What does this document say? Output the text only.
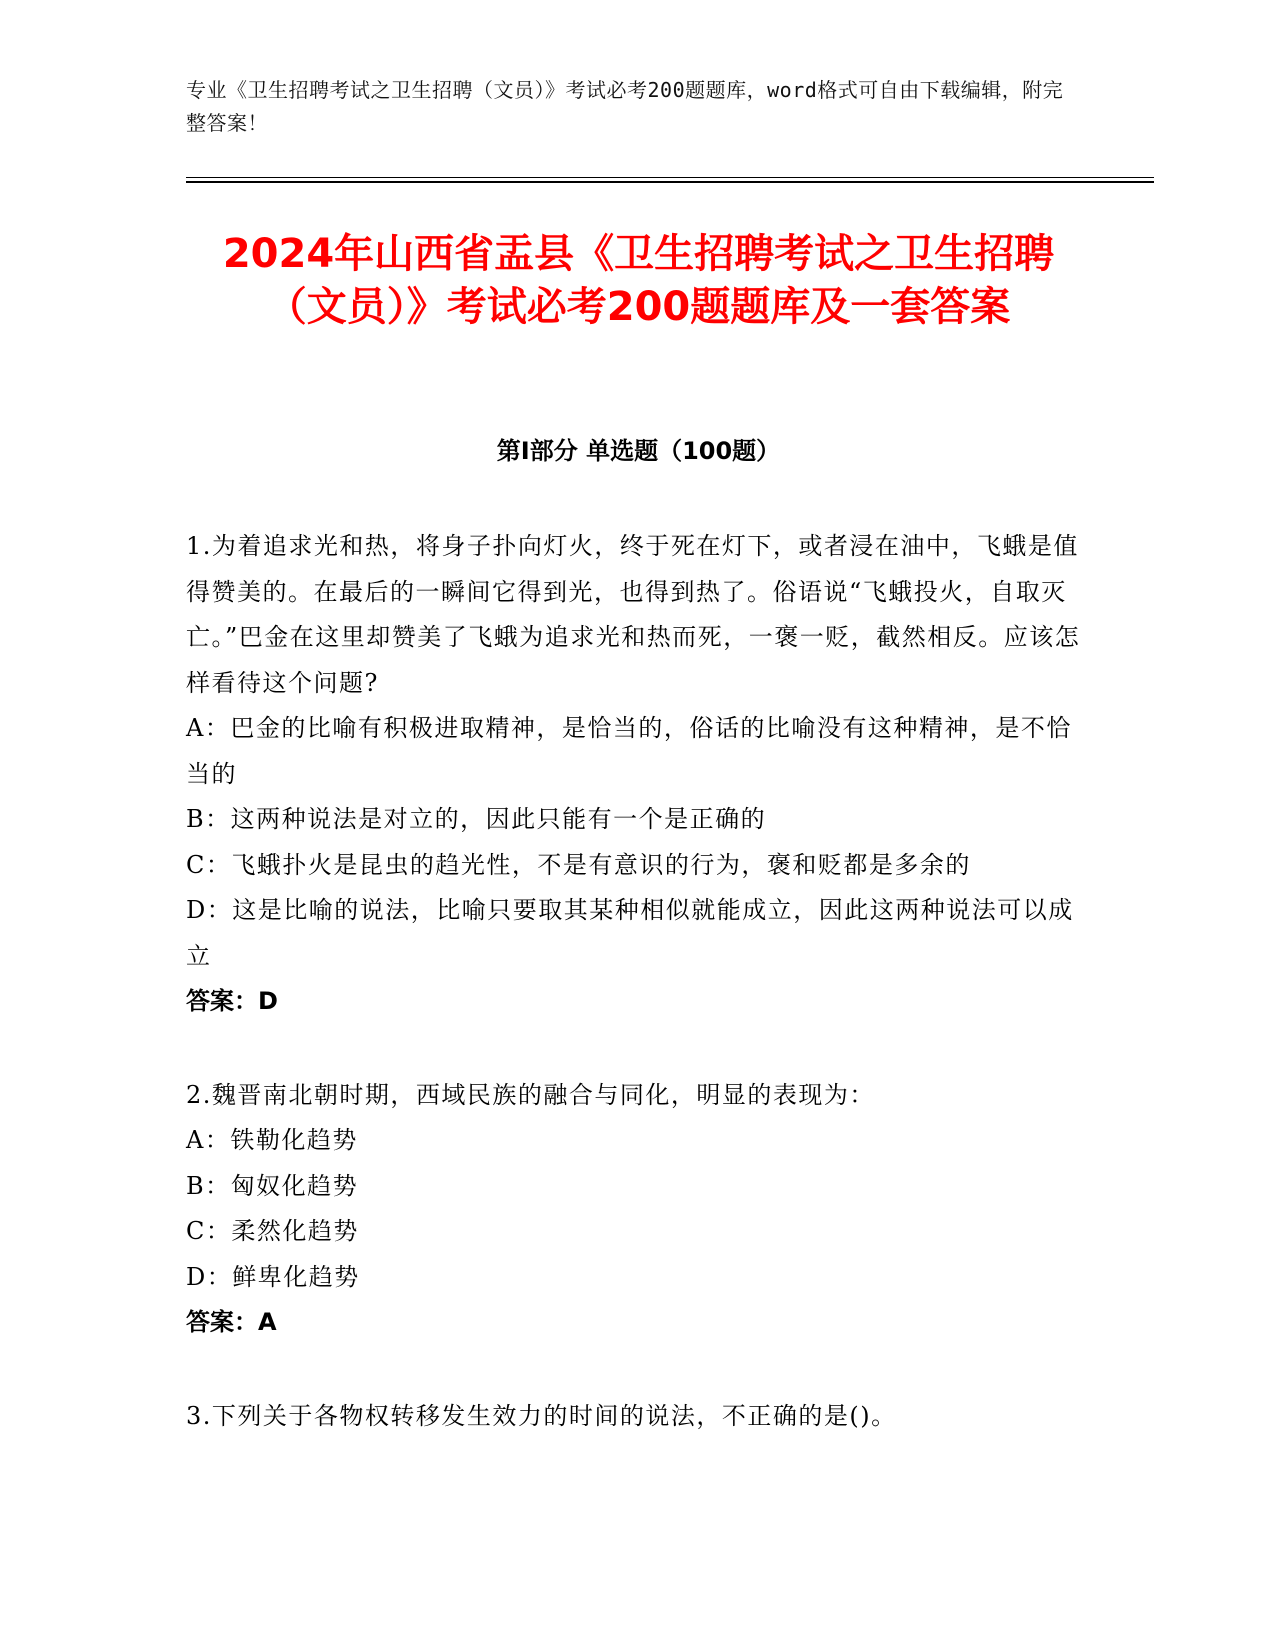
专业《卫生招聘考试之卫生招聘（文员）》考试必考200题题库，word格式可自由下载编辑，附完整答案！
2024年山西省盂县《卫生招聘考试之卫生招聘（文员）》考试必考200题题库及一套答案
第I部分 单选题（100题）

1.为着追求光和热，将身子扑向灯火，终于死在灯下，或者浸在油中，飞蛾是值得赞美的。在最后的一瞬间它得到光，也得到热了。俗语说“飞蛾投火，自取灭亡。”巴金在这里却赞美了飞蛾为追求光和热而死，一褒一贬，截然相反。应该怎样看待这个问题?

A：巴金的比喻有积极进取精神，是恰当的，俗话的比喻没有这种精神，是不恰当的

B：这两种说法是对立的，因此只能有一个是正确的

C：飞蛾扑火是昆虫的趋光性，不是有意识的行为，褒和贬都是多余的

D：这是比喻的说法，比喻只要取其某种相似就能成立，因此这两种说法可以成立

答案：D

2.魏晋南北朝时期，西域民族的融合与同化，明显的表现为：

A：铁勒化趋势

B：匈奴化趋势

C：柔然化趋势

D：鲜卑化趋势

答案：A

3.下列关于各物权转移发生效力的时间的说法，不正确的是()。
